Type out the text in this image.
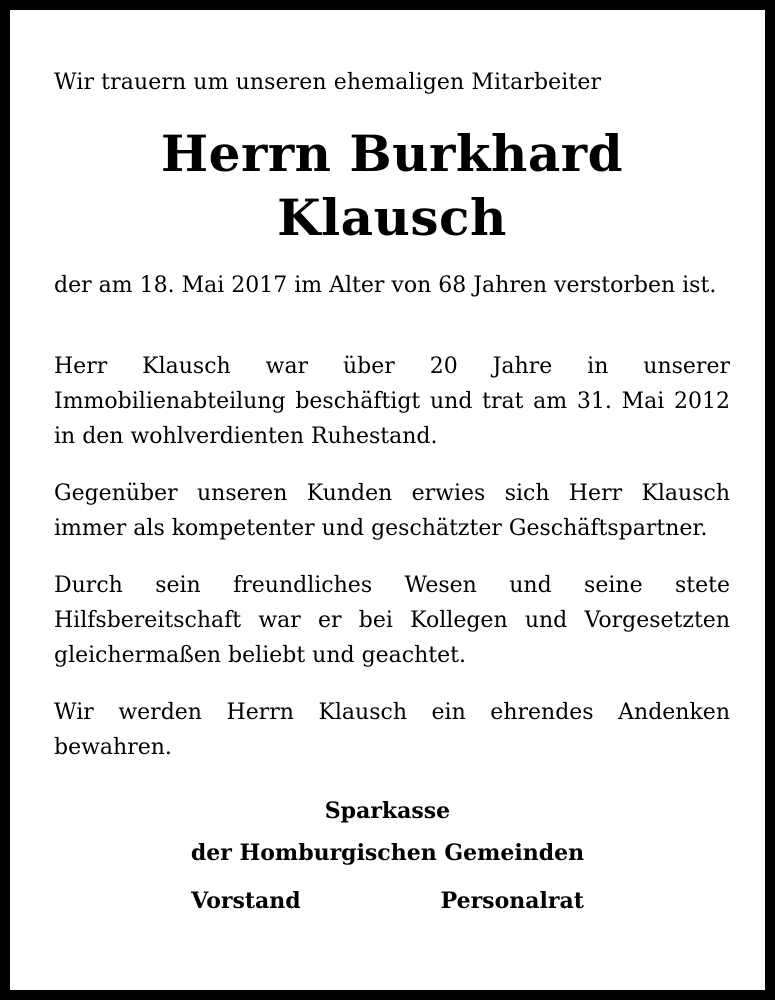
Wir trauern um unseren ehemaligen Mitarbeiter

Herrn Burkhard Klausch

der am 18. Mai 2017 im Alter von 68 Jahren verstorben ist.

Herr Klausch war über 20 Jahre in unserer Immobilienabteilung beschäftigt und trat am 31. Mai 2012 in den wohlverdienten Ruhestand.

Gegenüber unseren Kunden erwies sich Herr Klausch immer als kompetenter und geschätzter Geschäftspartner.

Durch sein freundliches Wesen und seine stete Hilfsbereitschaft war er bei Kollegen und Vorgesetzten gleichermaßen beliebt und geachtet.

Wir werden Herrn Klausch ein ehrendes Andenken bewahren.

Sparkasse
der Homburgischen Gemeinden
Vorstand	Personalrat
